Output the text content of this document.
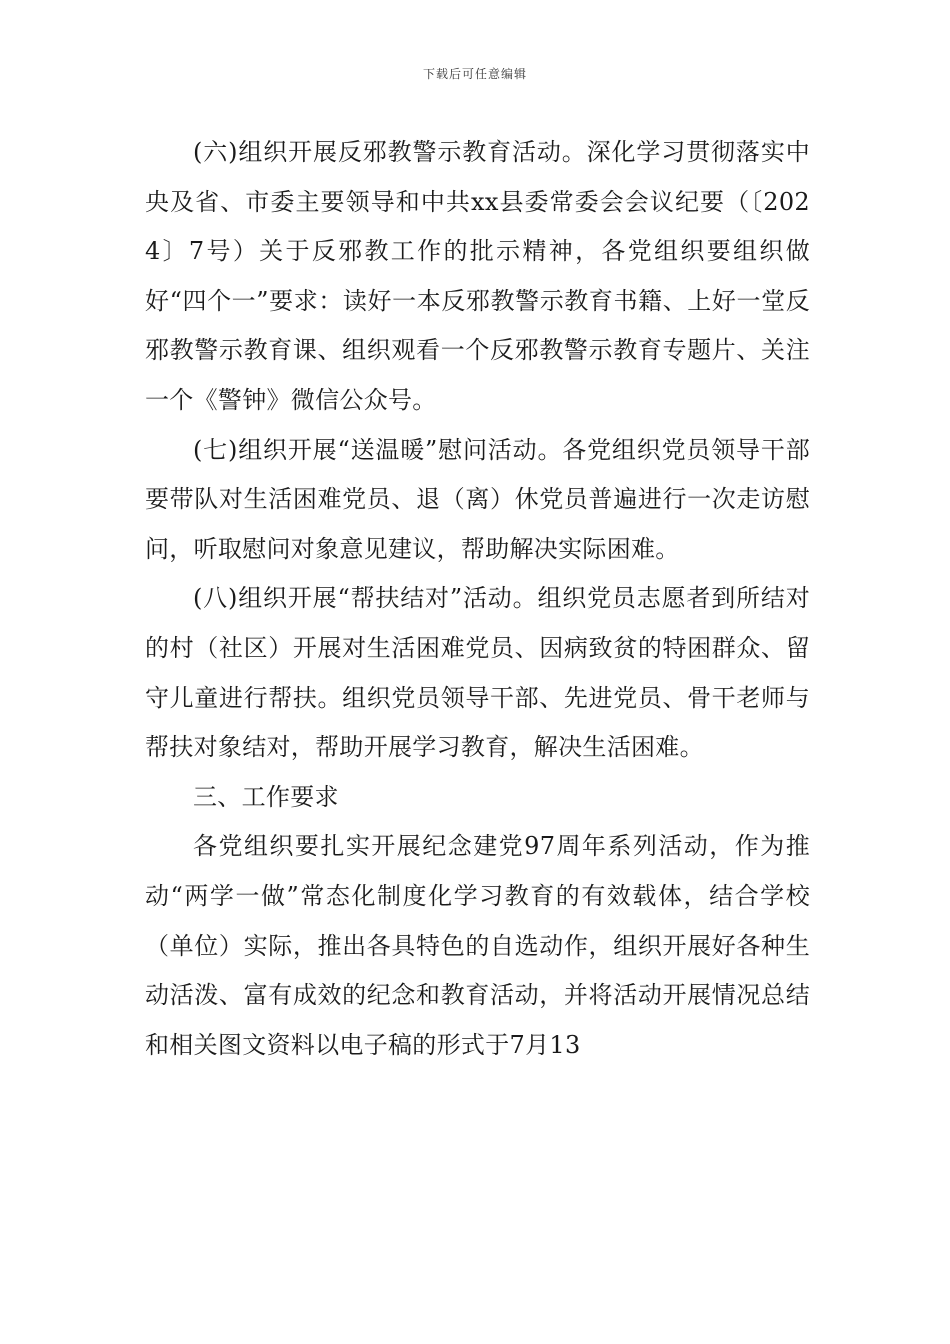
下载后可任意编辑

(六)组织开展反邪教警示教育活动。深化学习贯彻落实中央及省、市委主要领导和中共xx县委常委会会议纪要（〔2024〕7号）关于反邪教工作的批示精神，各党组织要组织做好“四个一”要求：读好一本反邪教警示教育书籍、上好一堂反邪教警示教育课、组织观看一个反邪教警示教育专题片、关注一个《警钟》微信公众号。

(七)组织开展“送温暖”慰问活动。各党组织党员领导干部要带队对生活困难党员、退（离）休党员普遍进行一次走访慰问，听取慰问对象意见建议，帮助解决实际困难。

(八)组织开展“帮扶结对”活动。组织党员志愿者到所结对的村（社区）开展对生活困难党员、因病致贫的特困群众、留守儿童进行帮扶。组织党员领导干部、先进党员、骨干老师与帮扶对象结对，帮助开展学习教育，解决生活困难。

三、工作要求

各党组织要扎实开展纪念建党97周年系列活动，作为推动“两学一做”常态化制度化学习教育的有效载体，结合学校（单位）实际，推出各具特色的自选动作，组织开展好各种生动活泼、富有成效的纪念和教育活动，并将活动开展情况总结和相关图文资料以电子稿的形式于7月13
